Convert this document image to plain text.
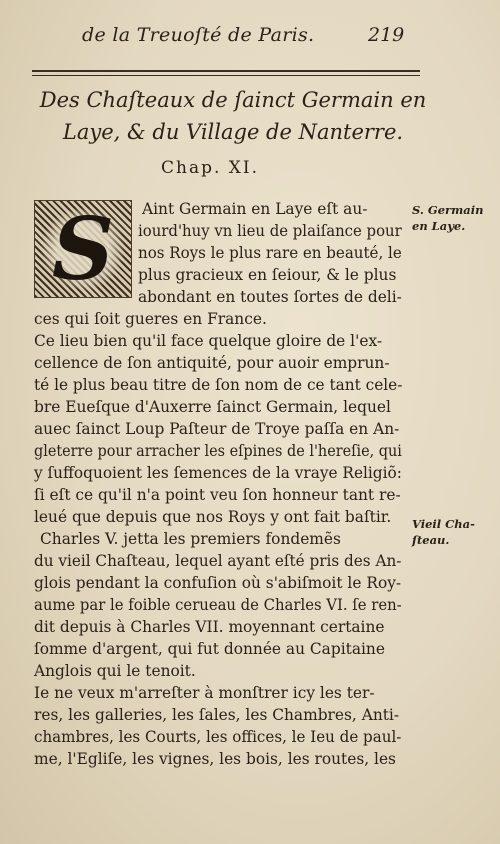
de la Treuoſté de Paris.	219
Des Chaſteaux de ſainct Germain en
Laye, & du Village de Nanterre.
Chap. XI.
S	Aint Germain en Laye eſt au-
iourd'huy vn lieu de plaiſance pour
nos Roys le plus rare en beauté, le
plus gracieux en ſeiour, & le plus
abondant en toutes ſortes de deli-
ces qui ſoit gueres en France.
Ce lieu bien qu'il face quelque gloire de l'ex-
cellence de ſon antiquité, pour auoir emprun-
té le plus beau titre de ſon nom de ce tant cele-
bre Eueſque d'Auxerre ſainct Germain, lequel
auec ſainct Loup Paſteur de Troye paſſa en An-
gleterre pour arracher les eſpines de l'hereſie, qui
y ſuffoquoient les ſemences de la vraye Religiõ:
ſi eſt ce qu'il n'a point veu ſon honneur tant re-
leué que depuis que nos Roys y ont fait baſtir.
Charles V. jetta les premiers fondemẽs
du vieil Chaſteau, lequel ayant eſté pris des An-
glois pendant la confuſion où s'abiſmoit le Roy-
aume par le foible cerueau de Charles VI. ſe ren-
dit depuis à Charles VII. moyennant certaine
ſomme d'argent, qui fut donnée au Capitaine
Anglois qui le tenoit.
Ie ne veux m'arreſter à monſtrer icy les ter-
res, les galleries, les ſales, les Chambres, Anti-
chambres, les Courts, les offices, le Ieu de paul-
me, l'Egliſe, les vignes, les bois, les routes, les
S. Germain
en Laye.
Vieil Cha-
ſteau.
